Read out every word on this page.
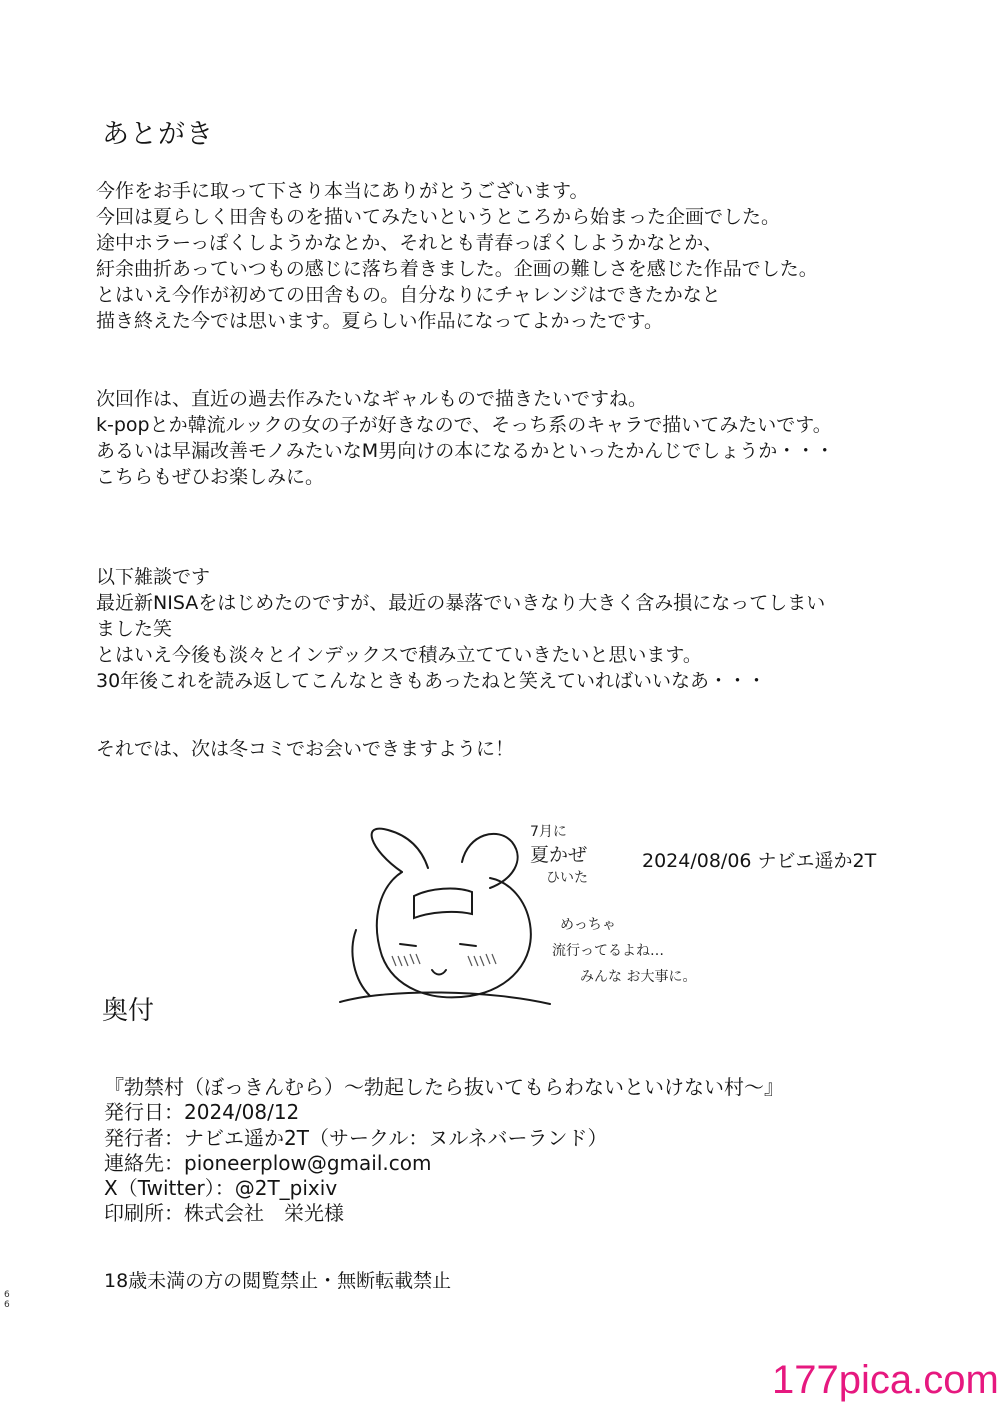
あとがき
今作をお手に取って下さり本当にありがとうございます。
今回は夏らしく田舎ものを描いてみたいというところから始まった企画でした。
途中ホラーっぽくしようかなとか、それとも青春っぽくしようかなとか、
紆余曲折あっていつもの感じに落ち着きました。企画の難しさを感じた作品でした。
とはいえ今作が初めての田舎もの。自分なりにチャレンジはできたかなと
描き終えた今では思います。夏らしい作品になってよかったです。
次回作は、直近の過去作みたいなギャルもので描きたいですね。
k-popとか韓流ルックの女の子が好きなので、そっち系のキャラで描いてみたいです。
あるいは早漏改善モノみたいなM男向けの本になるかといったかんじでしょうか・・・
こちらもぜひお楽しみに。
以下雑談です
最近新NISAをはじめたのですが、最近の暴落でいきなり大きく含み損になってしまい
ました笑
とはいえ今後も淡々とインデックスで積み立てていきたいと思います。
30年後これを読み返してこんなときもあったねと笑えていればいいなあ・・・
それでは、次は冬コミでお会いできますように！
7月に
夏かぜ
ひいた
めっちゃ
流行ってるよね…
みんな お大事に。
2024/08/06 ナビエ遥か2T
奥付
『勃禁村（ぼっきんむら）〜勃起したら抜いてもらわないといけない村〜』
発行日：2024/08/12
発行者：ナビエ遥か2T（サークル：ヌルネバーランド）
連絡先：pioneerplow@gmail.com
X（Twitter）：@2T_pixiv
印刷所：株式会社　栄光様
18歳未満の方の閲覧禁止・無断転載禁止
6
6
177pica.com
